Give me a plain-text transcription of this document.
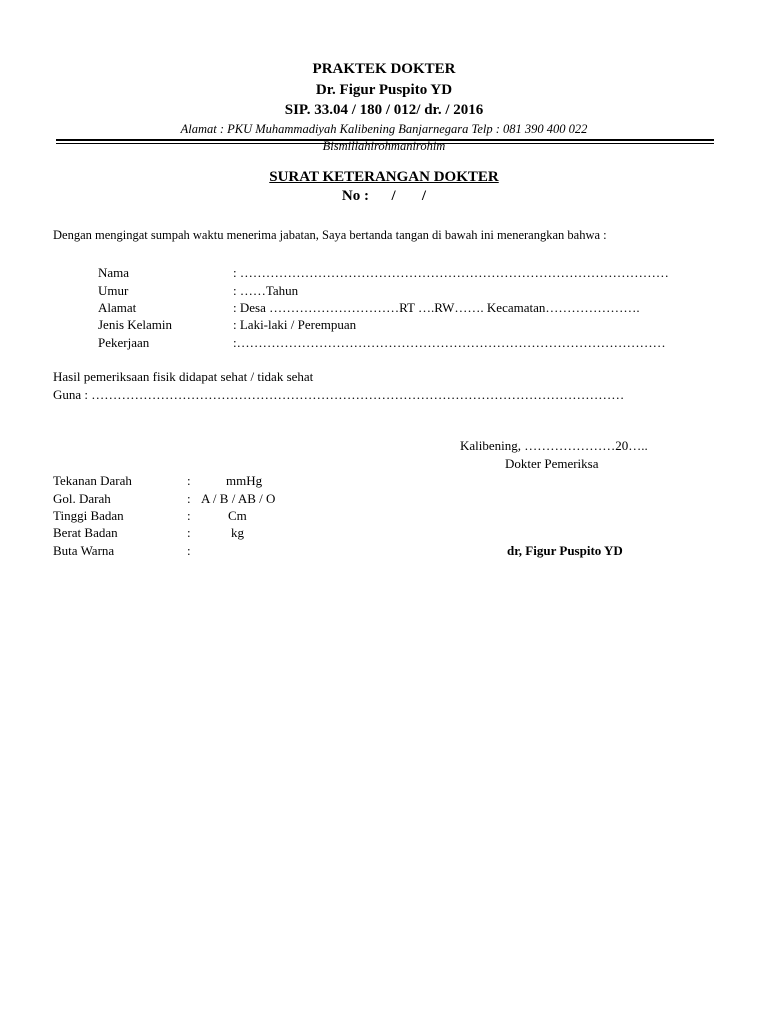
PRAKTEK DOKTER
Dr. Figur Puspito YD
SIP. 33.04 / 180 / 012/ dr. / 2016
Alamat : PKU Muhammadiyah Kalibening Banjarnegara Telp : 081 390 400 022
Bismillahirohmanirohim
SURAT KETERANGAN DOKTER
No :      /       /
Dengan mengingat sumpah waktu menerima jabatan, Saya bertanda tangan di bawah ini menerangkan bahwa :
Nama	: ………………………………………………………………………………………
Umur	: ……Tahun
Alamat	: Desa …………………………RT ….RW……. Kecamatan………………….
Jenis Kelamin	: Laki-laki / Perempuan
Pekerjaan	:………………………………………………………………………………………
Hasil pemeriksaan fisik didapat sehat / tidak sehat
Guna : ……………………………………………………………………………………………………………
Kalibening, …………………20…..
Dokter Pemeriksa
dr, Figur Puspito YD
Tekanan Darah	:	mmHg
Gol. Darah	: A / B / AB / O
Tinggi Badan	:	Cm
Berat Badan	:	kg
Buta Warna	:
